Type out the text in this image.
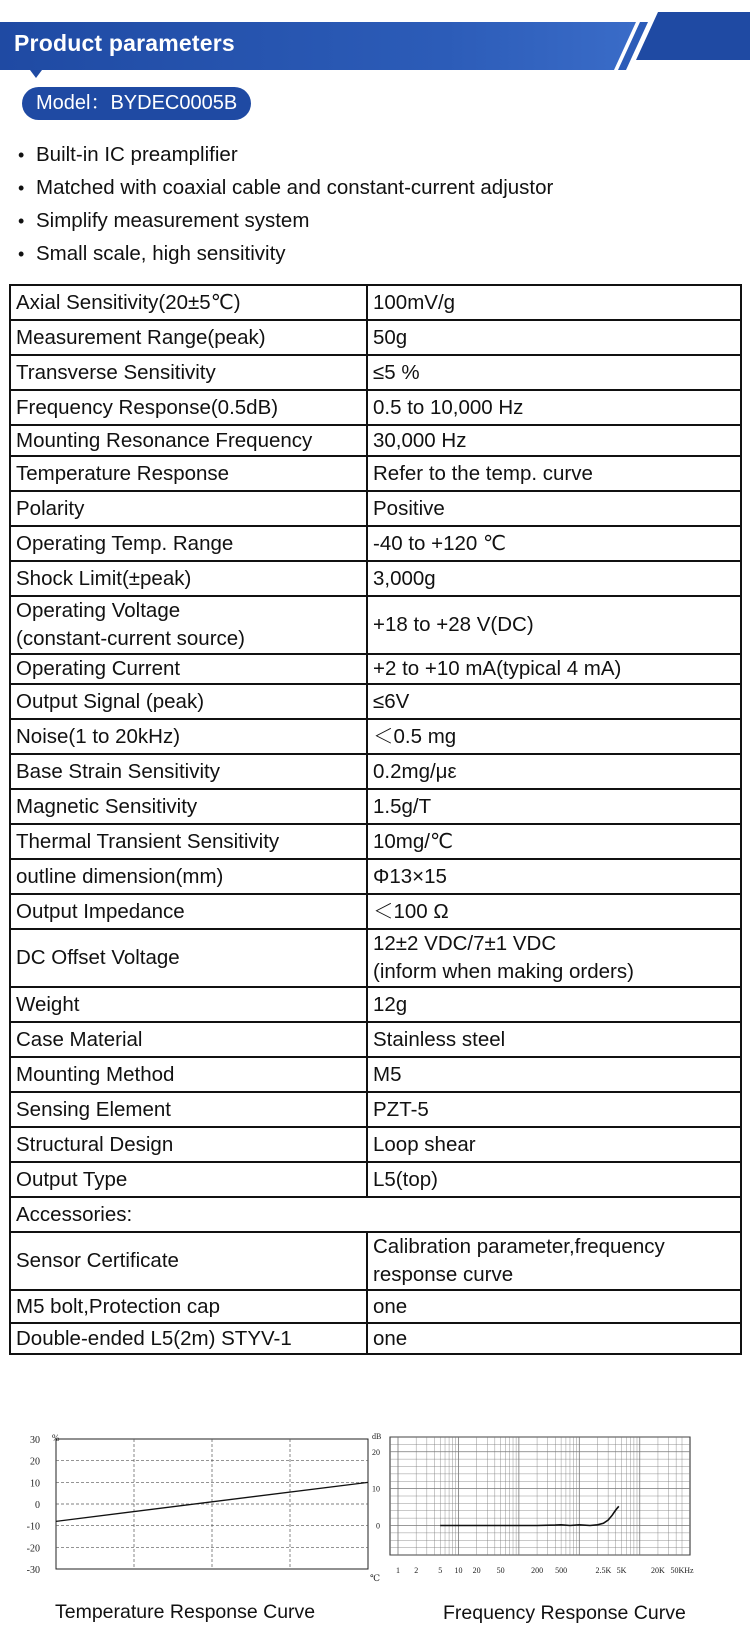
Product parameters
Model：BYDEC0005B
• Built-in IC preamplifier
• Matched with coaxial cable and constant-current adjustor
• Simplify measurement system
• Small scale, high sensitivity
Axial Sensitivity(20±5℃)	100mV/g
Measurement Range(peak)	50g
Transverse Sensitivity	≤5 %
Frequency Response(0.5dB)	0.5 to 10,000 Hz
Mounting Resonance Frequency	30,000 Hz
Temperature Response	Refer to the temp. curve
Polarity	Positive
Operating Temp. Range	-40 to +120 ℃
Shock Limit(±peak)	3,000g
Operating Voltage
(constant-current source)	+18 to +28 V(DC)
Operating Current	+2 to +10 mA(typical 4 mA)
Output Signal (peak)	≤6V
Noise(1 to 20kHz)	＜0.5 mg
Base Strain Sensitivity	0.2mg/με
Magnetic Sensitivity	1.5g/T
Thermal Transient Sensitivity	10mg/℃
outline dimension(mm)	Φ13×15
Output Impedance	＜100 Ω
DC Offset Voltage	12±2 VDC/7±1 VDC
(inform when making orders)
Weight	12g
Case Material	Stainless steel
Mounting Method	M5
Sensing Element	PZT-5
Structural Design	Loop shear
Output Type	L5(top)
Accessories:	
Sensor Certificate	Calibration parameter,frequency
response curve
M5 bolt,Protection cap	one
Double-ended L5(2m) STYV-1	one
30
20
10
0
-10
-20
-30
%
℃
20
10
0
dB
1 2	5 10 20 50	200 500	2.5K 5K	20K 50KHz
Temperature Response Curve	Frequency Response Curve
